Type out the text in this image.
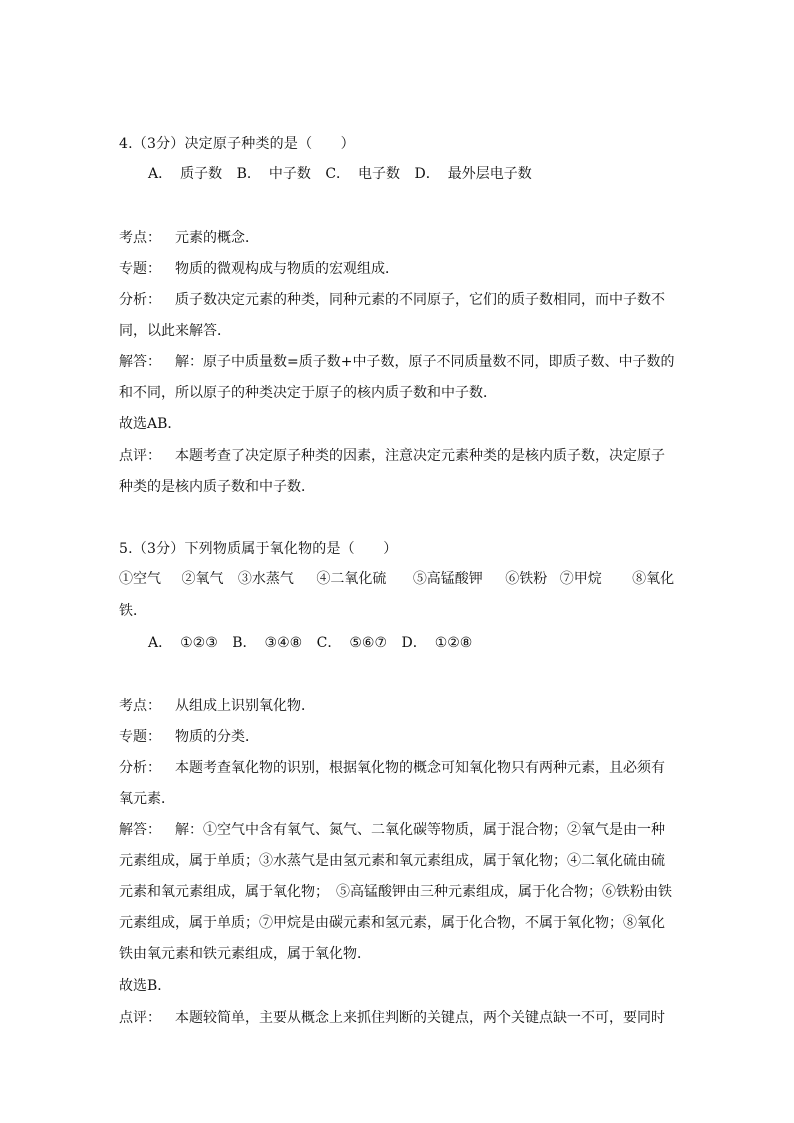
4.（3分）决定原子种类的是（　　）
A． 质子数 B． 中子数 C． 电子数 D． 最外层电子数
考点： 元素的概念．
专题： 物质的微观构成与物质的宏观组成．
分析： 质子数决定元素的种类，同种元素的不同原子，它们的质子数相同，而中子数不
同，以此来解答．
解答： 解：原子中质量数=质子数+中子数，原子不同质量数不同，即质子数、中子数的
和不同，所以原子的种类决定于原子的核内质子数和中子数．
故选AB．
点评： 本题考查了决定原子种类的因素，注意决定元素种类的是核内质子数，决定原子
种类的是核内质子数和中子数．
5.（3分）下列物质属于氧化物的是（　　）
①空气 ②氧气 ③水蒸气 ④二氧化硫 ⑤高锰酸钾 ⑥铁粉 ⑦甲烷 ⑧氧化
铁．
A． ①②③ B． ③④⑧ C． ⑤⑥⑦ D． ①②⑧
考点： 从组成上识别氧化物．
专题： 物质的分类．
分析： 本题考查氧化物的识别，根据氧化物的概念可知氧化物只有两种元素，且必须有
氧元素．
解答： 解：①空气中含有氧气、氮气、二氧化碳等物质，属于混合物；②氧气是由一种
元素组成，属于单质；③水蒸气是由氢元素和氧元素组成，属于氧化物；④二氧化硫由硫
元素和氧元素组成，属于氧化物；　⑤高锰酸钾由三种元素组成，属于化合物；⑥铁粉由铁
元素组成，属于单质；⑦甲烷是由碳元素和氢元素，属于化合物，不属于氧化物；⑧氧化
铁由氧元素和铁元素组成，属于氧化物．
故选B．
点评： 本题较简单，主要从概念上来抓住判断的关键点，两个关键点缺一不可，要同时
